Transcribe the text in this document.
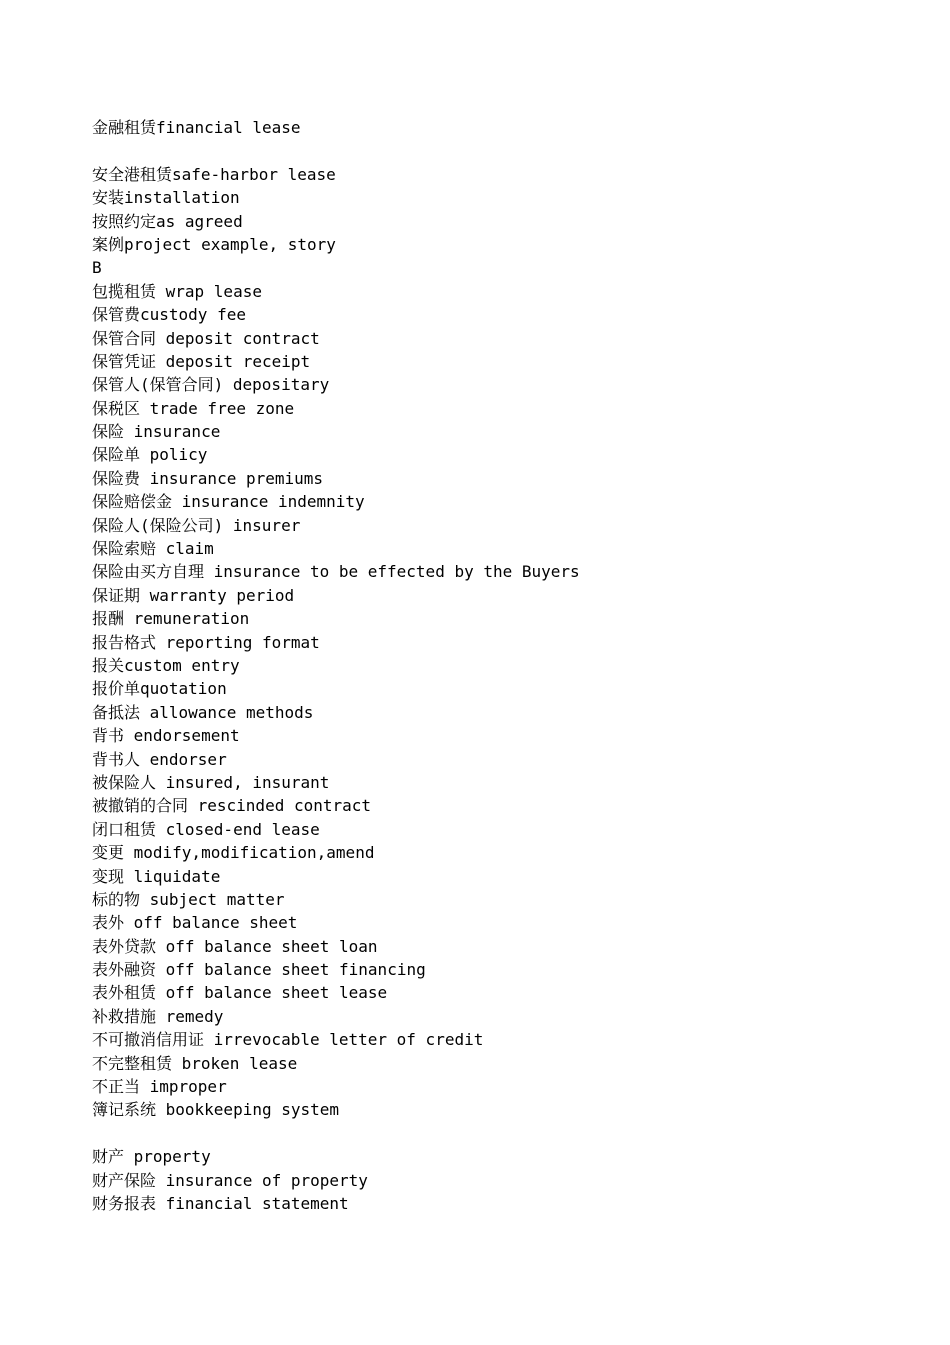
金融租赁financial lease
安全港租赁safe-harbor lease
安装installation
按照约定as agreed
案例project example, story
B
包揽租赁 wrap lease
保管费custody fee
保管合同 deposit contract
保管凭证 deposit receipt
保管人(保管合同) depositary
保税区 trade free zone
保险 insurance
保险单 policy
保险费 insurance premiums
保险赔偿金 insurance indemnity
保险人(保险公司) insurer
保险索赔 claim
保险由买方自理 insurance to be effected by the Buyers
保证期 warranty period
报酬 remuneration
报告格式 reporting format
报关custom entry
报价单quotation
备抵法 allowance methods
背书 endorsement
背书人 endorser
被保险人 insured, insurant
被撤销的合同 rescinded contract
闭口租赁 closed-end lease
变更 modify,modification,amend
变现 liquidate
标的物 subject matter
表外 off balance sheet
表外贷款 off balance sheet loan
表外融资 off balance sheet financing
表外租赁 off balance sheet lease
补救措施 remedy
不可撤消信用证 irrevocable letter of credit
不完整租赁 broken lease
不正当 improper
簿记系统 bookkeeping system
财产 property
财产保险 insurance of property
财务报表 financial statement
